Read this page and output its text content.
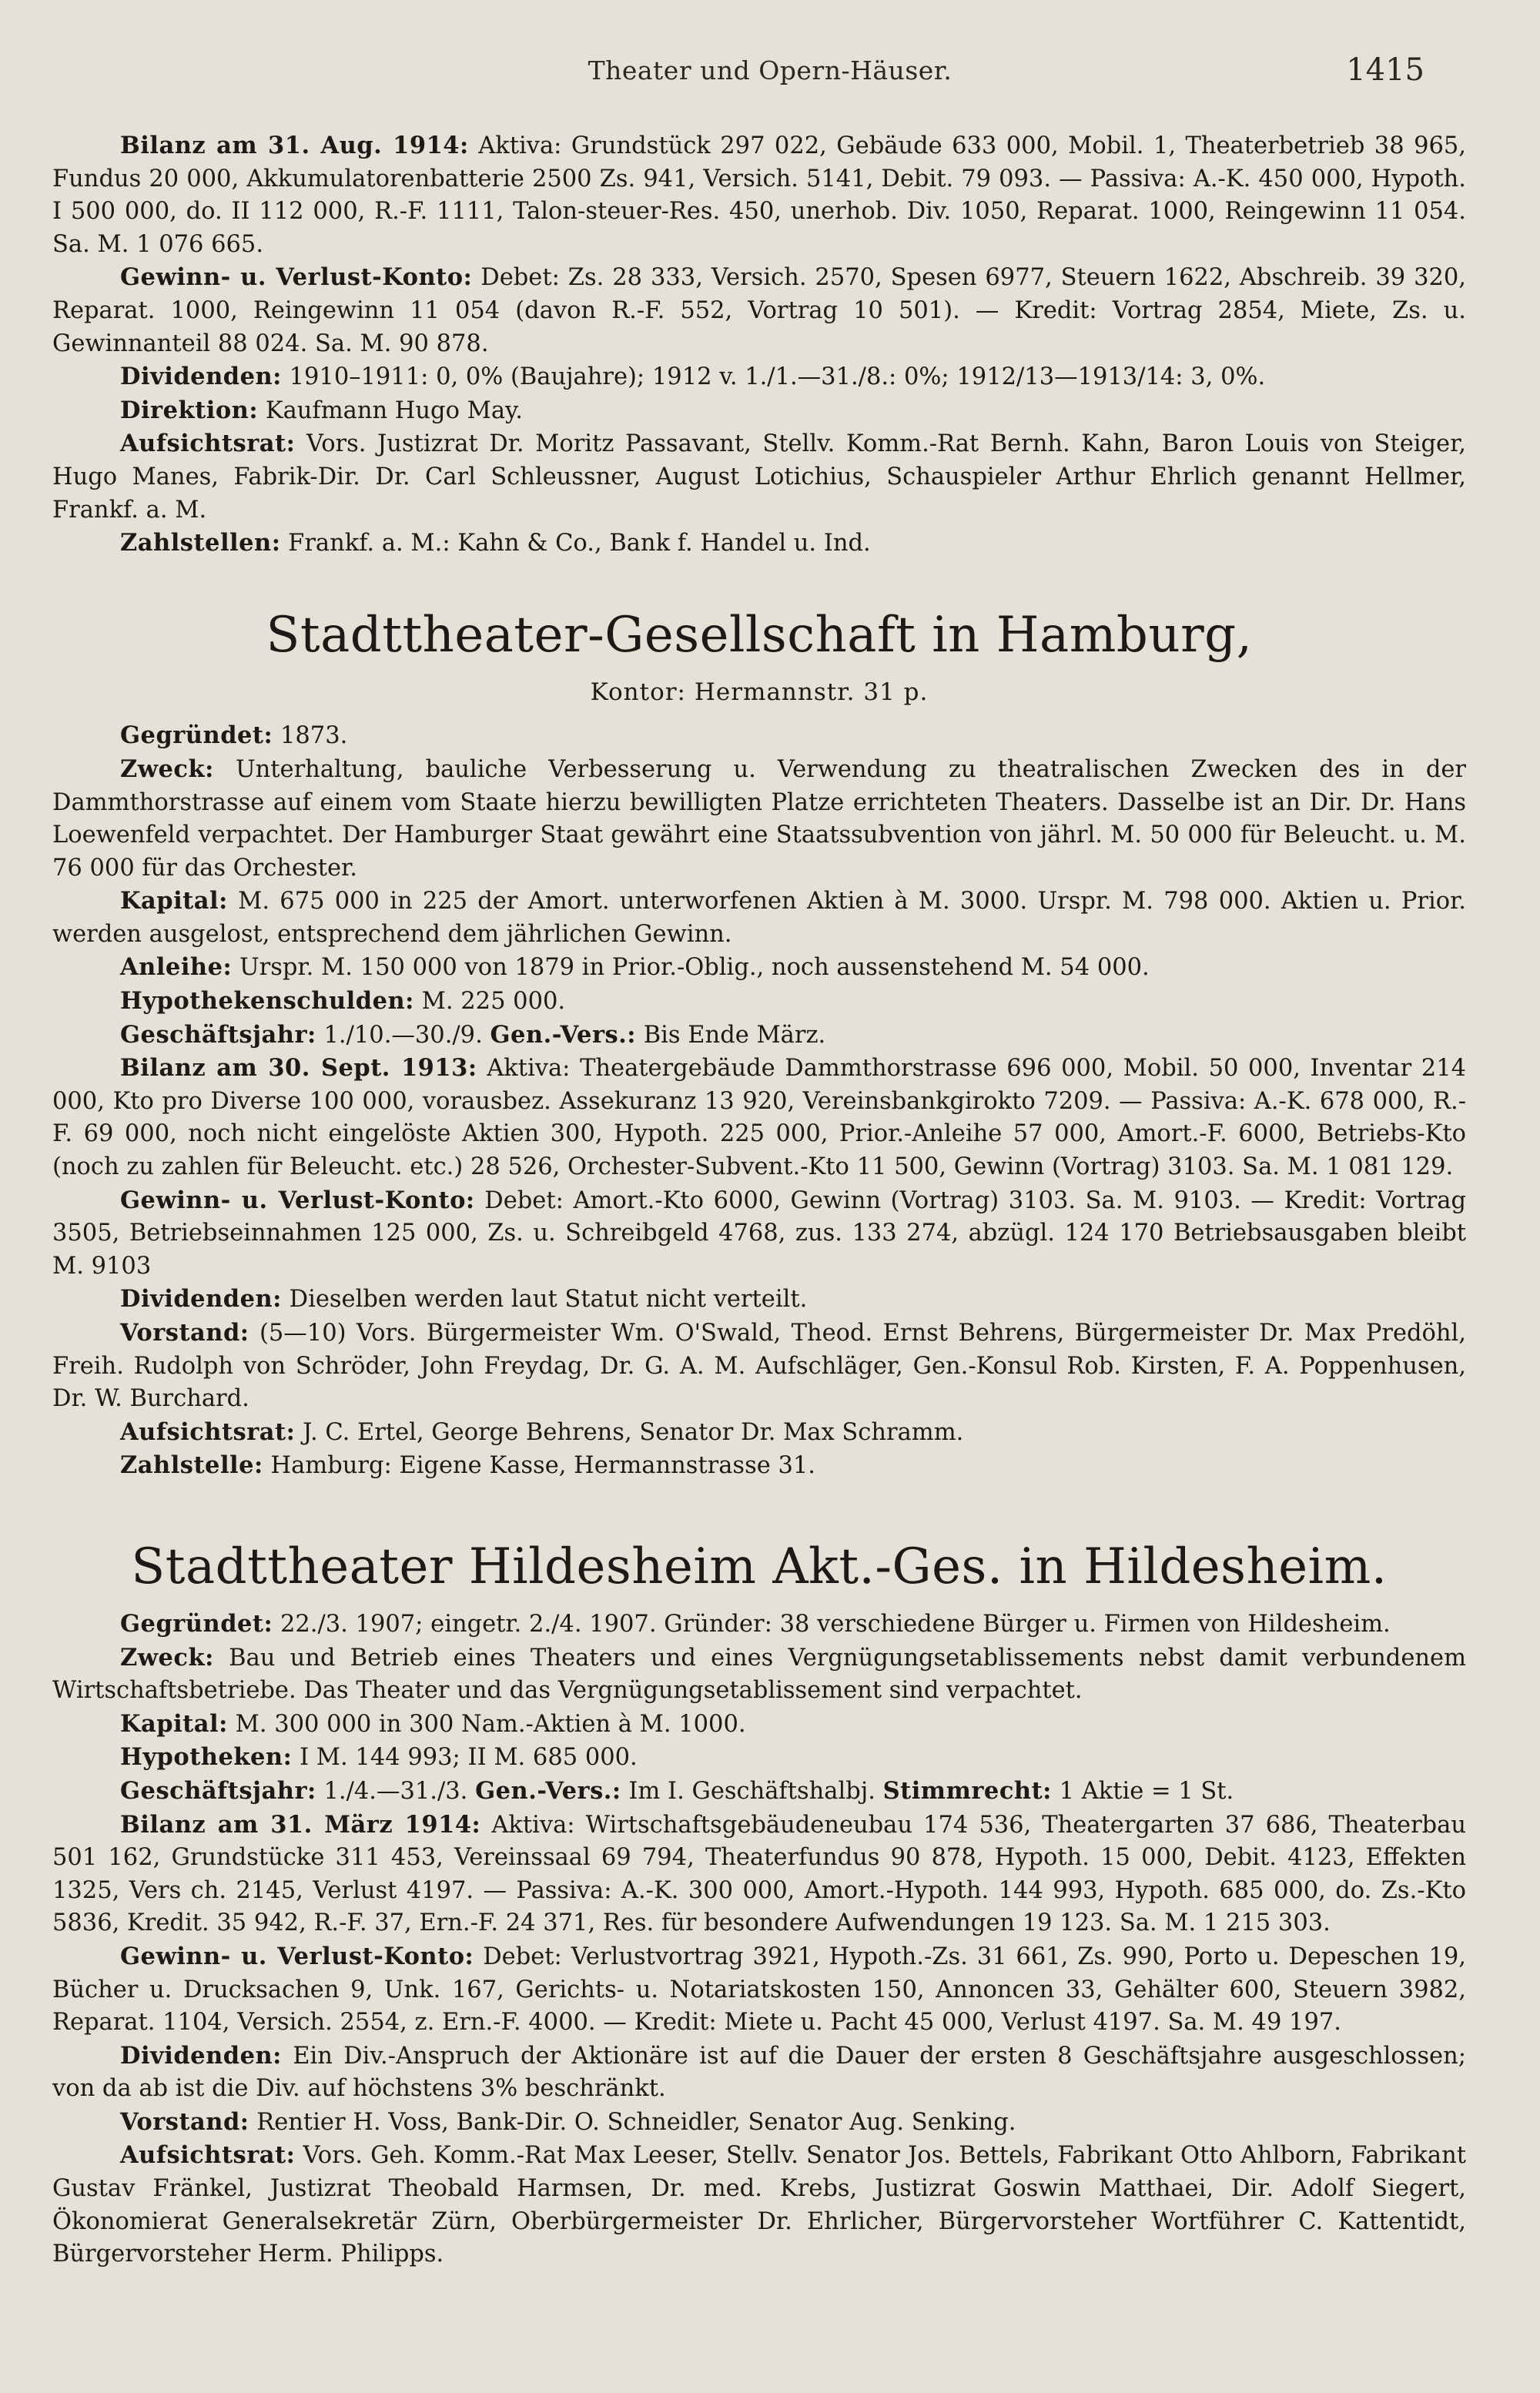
Theater und Opern-Häuser.	1415

Bilanz am 31. Aug. 1914: Aktiva: Grundstück 297 022, Gebäude 633 000, Mobil. 1, Theaterbetrieb 38 965, Fundus 20 000, Akkumulatorenbatterie 2500 Zs. 941, Versich. 5141, Debit. 79 093. — Passiva: A.-K. 450 000, Hypoth. I 500 000, do. II 112 000, R.-F. 1111, Talon-steuer-Res. 450, unerhob. Div. 1050, Reparat. 1000, Reingewinn 11 054. Sa. M. 1 076 665.

Gewinn- u. Verlust-Konto: Debet: Zs. 28 333, Versich. 2570, Spesen 6977, Steuern 1622, Abschreib. 39 320, Reparat. 1000, Reingewinn 11 054 (davon R.-F. 552, Vortrag 10 501). — Kredit: Vortrag 2854, Miete, Zs. u. Gewinnanteil 88 024. Sa. M. 90 878.

Dividenden: 1910–1911: 0, 0% (Baujahre); 1912 v. 1./1.—31./8.: 0%; 1912/13—1913/14: 3, 0%.

Direktion: Kaufmann Hugo May.

Aufsichtsrat: Vors. Justizrat Dr. Moritz Passavant, Stellv. Komm.-Rat Bernh. Kahn, Baron Louis von Steiger, Hugo Manes, Fabrik-Dir. Dr. Carl Schleussner, August Lotichius, Schauspieler Arthur Ehrlich genannt Hellmer, Frankf. a. M.

Zahlstellen: Frankf. a. M.: Kahn & Co., Bank f. Handel u. Ind.

Stadttheater-Gesellschaft in Hamburg,
Kontor: Hermannstr. 31 p.

Gegründet: 1873.

Zweck: Unterhaltung, bauliche Verbesserung u. Verwendung zu theatralischen Zwecken des in der Dammthorstrasse auf einem vom Staate hierzu bewilligten Platze errichteten Theaters. Dasselbe ist an Dir. Dr. Hans Loewenfeld verpachtet. Der Hamburger Staat gewährt eine Staatssubvention von jährl. M. 50 000 für Beleucht. u. M. 76 000 für das Orchester.

Kapital: M. 675 000 in 225 der Amort. unterworfenen Aktien à M. 3000. Urspr. M. 798 000. Aktien u. Prior. werden ausgelost, entsprechend dem jährlichen Gewinn.

Anleihe: Urspr. M. 150 000 von 1879 in Prior.-Oblig., noch aussenstehend M. 54 000.

Hypothekenschulden: M. 225 000.

Geschäftsjahr: 1./10.—30./9. Gen.-Vers.: Bis Ende März.

Bilanz am 30. Sept. 1913: Aktiva: Theatergebäude Dammthorstrasse 696 000, Mobil. 50 000, Inventar 214 000, Kto pro Diverse 100 000, vorausbez. Assekuranz 13 920, Vereinsbankgirokto 7209. — Passiva: A.-K. 678 000, R.-F. 69 000, noch nicht eingelöste Aktien 300, Hypoth. 225 000, Prior.-Anleihe 57 000, Amort.-F. 6000, Betriebs-Kto (noch zu zahlen für Beleucht. etc.) 28 526, Orchester-Subvent.-Kto 11 500, Gewinn (Vortrag) 3103. Sa. M. 1 081 129.

Gewinn- u. Verlust-Konto: Debet: Amort.-Kto 6000, Gewinn (Vortrag) 3103. Sa. M. 9103. — Kredit: Vortrag 3505, Betriebseinnahmen 125 000, Zs. u. Schreibgeld 4768, zus. 133 274, abzügl. 124 170 Betriebsausgaben bleibt M. 9103

Dividenden: Dieselben werden laut Statut nicht verteilt.

Vorstand: (5—10) Vors. Bürgermeister Wm. O'Swald, Theod. Ernst Behrens, Bürgermeister Dr. Max Predöhl, Freih. Rudolph von Schröder, John Freydag, Dr. G. A. M. Aufschläger, Gen.-Konsul Rob. Kirsten, F. A. Poppenhusen, Dr. W. Burchard.

Aufsichtsrat: J. C. Ertel, George Behrens, Senator Dr. Max Schramm.

Zahlstelle: Hamburg: Eigene Kasse, Hermannstrasse 31.

Stadttheater Hildesheim Akt.-Ges. in Hildesheim.

Gegründet: 22./3. 1907; eingetr. 2./4. 1907. Gründer: 38 verschiedene Bürger u. Firmen von Hildesheim.

Zweck: Bau und Betrieb eines Theaters und eines Vergnügungsetablissements nebst damit verbundenem Wirtschaftsbetriebe. Das Theater und das Vergnügungsetablissement sind verpachtet.

Kapital: M. 300 000 in 300 Nam.-Aktien à M. 1000.

Hypotheken: I M. 144 993; II M. 685 000.

Geschäftsjahr: 1./4.—31./3. Gen.-Vers.: Im I. Geschäftshalbj. Stimmrecht: 1 Aktie = 1 St.

Bilanz am 31. März 1914: Aktiva: Wirtschaftsgebäudeneubau 174 536, Theatergarten 37 686, Theaterbau 501 162, Grundstücke 311 453, Vereinssaal 69 794, Theaterfundus 90 878, Hypoth. 15 000, Debit. 4123, Effekten 1325, Vers ch. 2145, Verlust 4197. — Passiva: A.-K. 300 000, Amort.-Hypoth. 144 993, Hypoth. 685 000, do. Zs.-Kto 5836, Kredit. 35 942, R.-F. 37, Ern.-F. 24 371, Res. für besondere Aufwendungen 19 123. Sa. M. 1 215 303.

Gewinn- u. Verlust-Konto: Debet: Verlustvortrag 3921, Hypoth.-Zs. 31 661, Zs. 990, Porto u. Depeschen 19, Bücher u. Drucksachen 9, Unk. 167, Gerichts- u. Notariatskosten 150, Annoncen 33, Gehälter 600, Steuern 3982, Reparat. 1104, Versich. 2554, z. Ern.-F. 4000. — Kredit: Miete u. Pacht 45 000, Verlust 4197. Sa. M. 49 197.

Dividenden: Ein Div.-Anspruch der Aktionäre ist auf die Dauer der ersten 8 Geschäftsjahre ausgeschlossen; von da ab ist die Div. auf höchstens 3% beschränkt.

Vorstand: Rentier H. Voss, Bank-Dir. O. Schneidler, Senator Aug. Senking.

Aufsichtsrat: Vors. Geh. Komm.-Rat Max Leeser, Stellv. Senator Jos. Bettels, Fabrikant Otto Ahlborn, Fabrikant Gustav Fränkel, Justizrat Theobald Harmsen, Dr. med. Krebs, Justizrat Goswin Matthaei, Dir. Adolf Siegert, Ökonomierat Generalsekretär Zürn, Oberbürgermeister Dr. Ehrlicher, Bürgervorsteher Wortführer C. Kattentidt, Bürgervorsteher Herm. Philipps.
